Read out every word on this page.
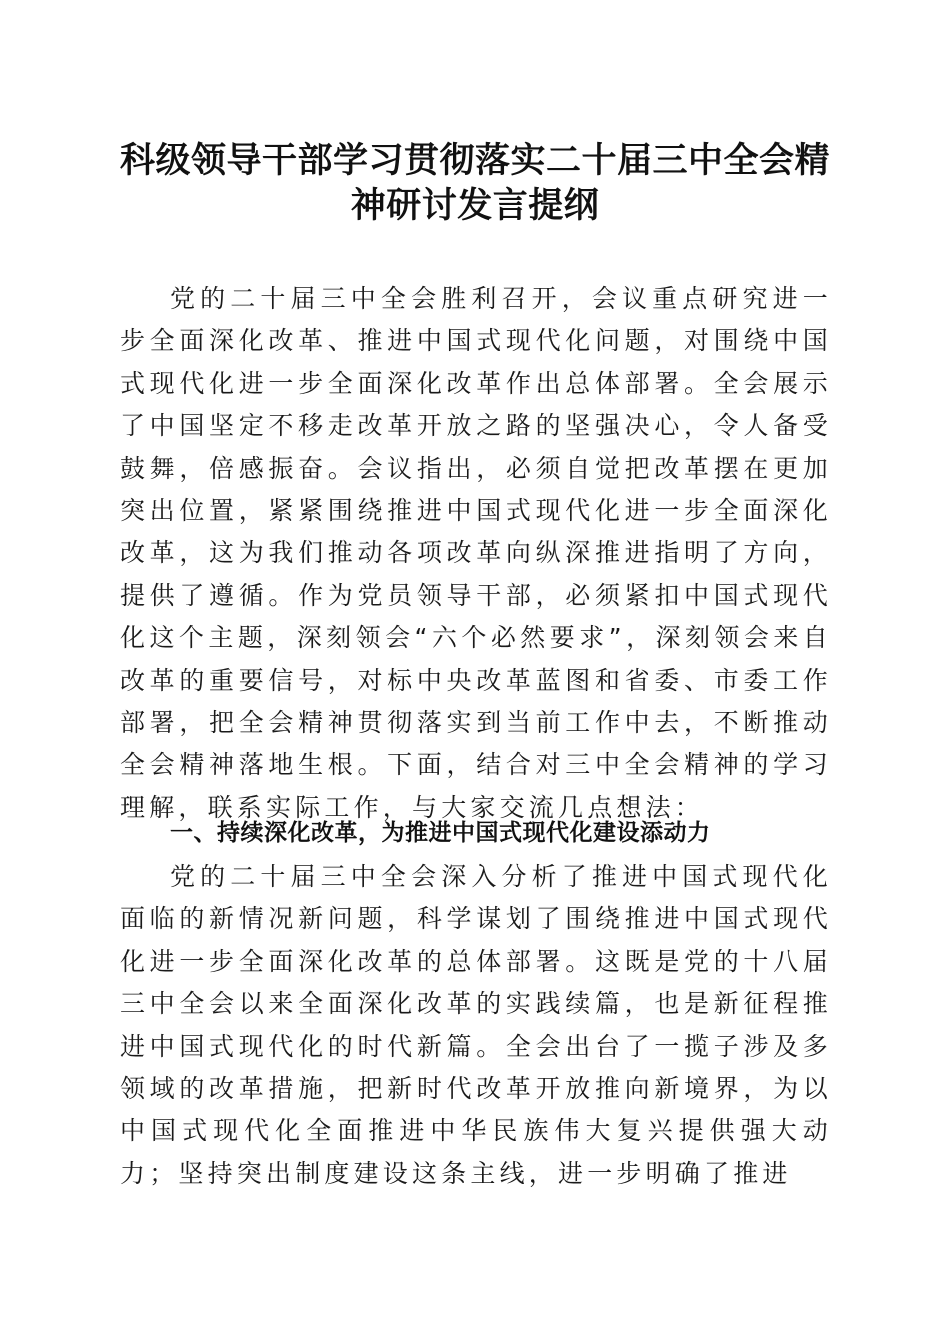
科级领导干部学习贯彻落实二十届三中全会精神研讨发言提纲

党的二十届三中全会胜利召开，会议重点研究进一步全面深化改革、推进中国式现代化问题，对围绕中国式现代化进一步全面深化改革作出总体部署。全会展示了中国坚定不移走改革开放之路的坚强决心，令人备受鼓舞，倍感振奋。会议指出，必须自觉把改革摆在更加突出位置，紧紧围绕推进中国式现代化进一步全面深化改革，这为我们推动各项改革向纵深推进指明了方向，提供了遵循。作为党员领导干部，必须紧扣中国式现代化这个主题，深刻领会“六个必然要求”，深刻领会来自改革的重要信号，对标中央改革蓝图和省委、市委工作部署，把全会精神贯彻落实到当前工作中去，不断推动全会精神落地生根。下面，结合对三中全会精神的学习理解，联系实际工作，与大家交流几点想法：

一、持续深化改革，为推进中国式现代化建设添动力

党的二十届三中全会深入分析了推进中国式现代化面临的新情况新问题，科学谋划了围绕推进中国式现代化进一步全面深化改革的总体部署。这既是党的十八届三中全会以来全面深化改革的实践续篇，也是新征程推进中国式现代化的时代新篇。全会出台了一揽子涉及多领域的改革措施，把新时代改革开放推向新境界，为以中国式现代化全面推进中华民族伟大复兴提供强大动力；坚持突出制度建设这条主线，进一步明确了推进
